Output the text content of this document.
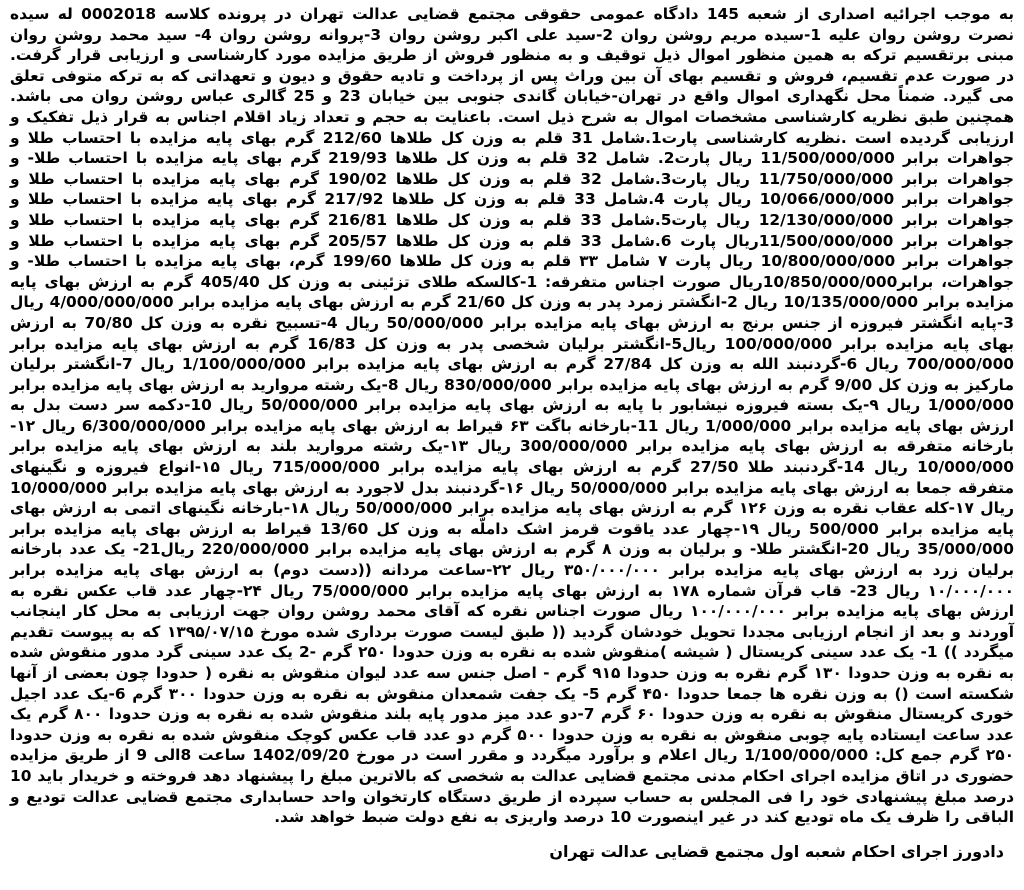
به موجب اجرائیه اصداری از شعبه 145 دادگاه عمومی حقوقی مجتمع قضایی عدالت تهران در پرونده کلاسه 0002018 له سیده نصرت روشن روان علیه 1-سیده مریم روشن روان 2-سید علی اکبر روشن روان 3-پروانه روشن روان 4- سید محمد روشن روان مبنی برتقسیم ترکه به همین منظور اموال ذیل توقیف و به منظور فروش از طریق مزایده مورد کارشناسی و ارزیابی قرار گرفت. در صورت عدم تقسیم، فروش و تقسیم بهای آن بین وراث پس از پرداخت و تادیه حقوق و دیون و تعهداتی که به ترکه متوفی تعلق می گیرد. ضمناً محل نگهداری اموال واقع در تهران-خیابان گاندی جنوبی بین خیابان 23 و 25 گالری عباس روشن روان می باشد. همچنین طبق نظریه کارشناسی مشخصات اموال به شرح ذیل است. باعنایت به حجم و تعداد زیاد اقلام اجناس به قرار ذیل تفکیک و ارزیابی گردیده است .نظریه کارشناسی پارت1.شامل 31 قلم به وزن کل طلاها 212/60 گرم بهای پایه مزایده با احتساب طلا و جواهرات برابر 11/500/000/000 ریال پارت2. شامل 32 قلم به وزن کل طلاها 219/93 گرم بهای پایه مزایده با احتساب طلا- و جواهرات برابر 11/750/000/000 ریال پارت3.شامل 32 قلم به وزن کل طلاها 190/02 گرم بهای پایه مزایده با احتساب طلا و جواهرات برابر 10/066/000/000 ریال پارت 4.شامل 33 قلم به وزن کل طلاها 217/92 گرم بهای پایه مزایده با احتساب طلا و جواهرات برابر 12/130/000/000 ریال پارت5.شامل 33 قلم به وزن کل طلاها 216/81 گرم بهای پایه مزایده با احتساب طلا و جواهرات برابر 11/500/000/000ریال پارت 6.شامل 33 قلم به وزن کل طلاها 205/57 گرم بهای پایه مزایده با احتساب طلا و جواهرات برابر 10/800/000/000 ریال پارت ۷ شامل ۳۳ قلم به وزن کل طلاها 199/60 گرم، بهای پایه مزایده با احتساب طلا- و جواهرات، برابر10/850/000/000ریال صورت اجناس متفرقه: 1-کالسکه طلای تزئینی به وزن کل 405/40 گرم به ارزش بهای پایه مزایده برابر 10/135/000/000 ریال 2-انگشتر زمرد پدر به وزن کل 21/60 گرم به ارزش بهای پایه مزایده برابر 4/000/000/000 ریال 3-پایه انگشتر فیروزه از جنس برنج به ارزش بهای پایه مزایده برابر 50/000/000 ریال 4-تسبیح نقره به وزن کل 70/80 به ارزش بهای پایه مزایده برابر 100/000/000 ریال5-انگشتر برلیان شخصی پدر به وزن کل 16/83 گرم به ارزش بهای پایه مزایده برابر 700/000/000 ریال 6-گردنبند الله به وزن کل 27/84 گرم به ارزش بهای پایه مزایده برابر 1/100/000/000 ریال 7-انگشتر برلیان مارکیز به وزن کل 9/00 گرم به ارزش بهای پایه مزایده برابر 830/000/000 ریال 8-یک رشته مروارید به ارزش بهای پایه مزایده برابر 1/000/000 ریال ۹-یک بسته فیروزه نیشابور با پایه به ارزش بهای پایه مزایده برابر 50/000/000 ریال 10-دکمه سر دست بدل به ارزش بهای پایه مزایده برابر 1/000/000 ریال 11-بارخانه باگت ۶۳ قیراط به ارزش بهای پایه مزایده برابر 6/300/000/000 ریال ۱۲-بارخانه متفرقه به ارزش بهای پایه مزایده برابر 300/000/000 ریال ۱۳-یک رشته مروارید بلند به ارزش بهای پایه مزایده برابر 10/000/000 ریال 14-گردنبند طلا 27/50 گرم به ارزش بهای پایه مزایده برابر 715/000/000 ریال ۱۵-انواع فیروزه و نگینهای متفرقه جمعا به ارزش بهای پایه مزایده برابر 50/000/000 ریال ۱۶-گردنبند بدل لاجورد به ارزش بهای پایه مزایده برابر 10/000/000 ریال ۱۷-کله عقاب نقره به وزن ۱۲۶ گرم به ارزش بهای پایه مزایده برابر 50/000/000 ریال ۱۸-بارخانه نگینهای اتمی به ارزش بهای پایه مزایده برابر 500/000 ریال ۱۹-چهار عدد یاقوت قرمز اشک داملّه به وزن کل 13/60 قیراط به ارزش بهای پایه مزایده برابر 35/000/000 ریال 20-انگشتر طلا- و برلیان به وزن ۸ گرم به ارزش بهای پایه مزایده برابر 220/000/000 ریال21- یک عدد بارخانه برلیان زرد به ارزش بهای پایه مزایده برابر ۳۵۰/۰۰۰/۰۰۰ ریال ۲۲-ساعت مردانه ((دست دوم) به ارزش بهای پایه مزایده برابر ۱۰/۰۰۰/۰۰۰ ریال 23- قاب قرآن شماره ۱۷۸ به ارزش بهای پایه مزایده برابر 75/000/000 ریال ۲۴-چهار عدد قاب عکس نقره به ارزش بهای پایه مزایده برابر ۱۰۰/۰۰۰/۰۰۰ ریال صورت اجناس نقره که آقای محمد روشن روان جهت ارزیابی به محل کار اینجانب آوردند و بعد از انجام ارزیابی مجددا تحویل خودشان گردید (( طبق لیست صورت برداری شده مورخ ۱۳۹۵/۰۷/۱۵ که به پیوست تقدیم میگردد )) 1- یک عدد سینی کریستال ( شیشه )منقوش شده به نقره به وزن حدودا ۲۵۰ گرم -2 یک عدد سینی گرد مدور منقوش شده به نقره به وزن حدودا ۱۳۰ گرم نقره به وزن حدودا ۹۱۵ گرم - اصل جنس سه عدد لیوان منقوش به نقره ( حدودا چون بعضی از آنها شکسته است () به وزن نقره ها جمعا حدودا ۴۵۰ گرم 5- یک جفت شمعدان منقوش به نقره به وزن حدودا ۳۰۰ گرم 6-یک عدد اجیل خوری کریستال منقوش به نقره به وزن حدودا ۶۰ گرم 7-دو عدد میز مدور پایه بلند منقوش شده به نقره به وزن حدودا ۸۰۰ گرم یک عدد ساعت ایستاده پایه چوبی منقوش به نقره به وزن حدودا ۵۰۰ گرم دو عدد قاب عکس کوچک منقوش شده به نقره به وزن حدودا ۲۵۰ گرم جمع کل: 1/100/000/000 ریال اعلام و برآورد میگردد و مقرر است در مورخ 1402/09/20 ساعت 8الی 9 از طریق مزایده حضوری در اتاق مزایده اجرای احکام مدنی مجتمع قضایی عدالت به شخصی که بالاترین مبلغ را پیشنهاد دهد فروخته و خریدار باید 10 درصد مبلغ پیشنهادی خود را فی المجلس به حساب سپرده از طریق دستگاه کارتخوان واحد حسابداری مجتمع قضایی عدالت تودیع و الباقی را ظرف یک ماه تودیع کند در غیر اینصورت 10 درصد واریزی به نفع دولت ضبط خواهد شد.

دادورز اجرای احکام شعبه اول مجتمع قضایی عدالت تهران
